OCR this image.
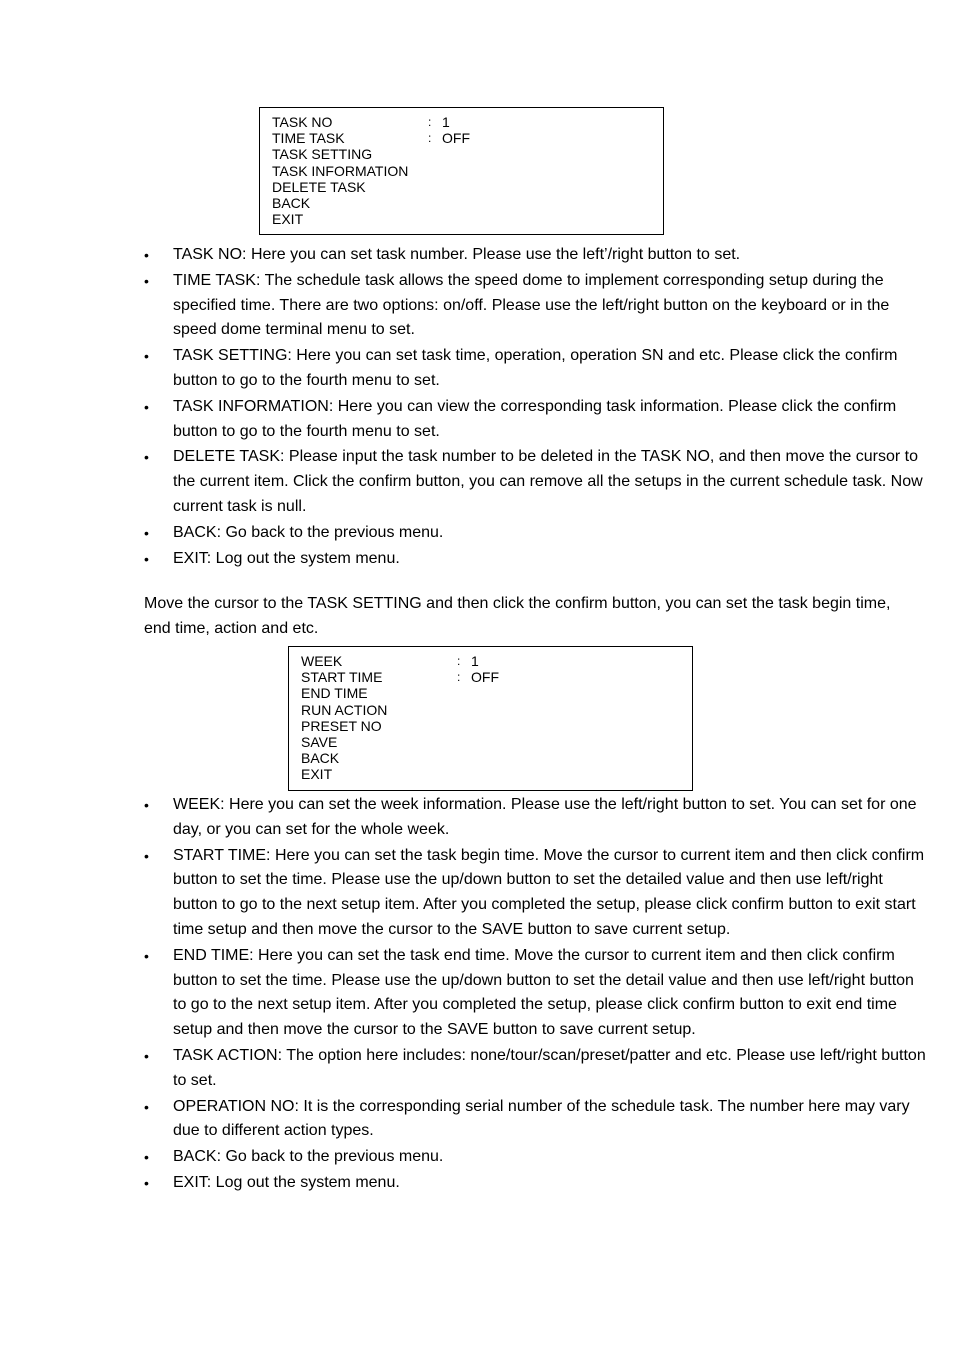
TASK NO	: 1
TIME TASK	: OFF
TASK SETTING
TASK INFORMATION
DELETE TASK
BACK
EXIT
• TASK NO: Here you can set task number. Please use the left’/right button to set.
• TIME TASK: The schedule task allows the speed dome to implement corresponding setup during the specified time. There are two options: on/off. Please use the left/right button on the keyboard or in the speed dome terminal menu to set.
• TASK SETTING: Here you can set task time, operation, operation SN and etc. Please click the confirm button to go to the fourth menu to set.
• TASK INFORMATION: Here you can view the corresponding task information. Please click the confirm button to go to the fourth menu to set.
• DELETE TASK: Please input the task number to be deleted in the TASK NO, and then move the cursor to the current item. Click the confirm button, you can remove all the setups in the current schedule task. Now current task is null.
• BACK: Go back to the previous menu.
• EXIT: Log out the system menu.

Move the cursor to the TASK SETTING and then click the confirm button, you can set the task begin time, end time, action and etc.

WEEK	: 1
START TIME	: OFF
END TIME
RUN ACTION
PRESET NO
SAVE
BACK
EXIT
• WEEK: Here you can set the week information. Please use the left/right button to set. You can set for one day, or you can set for the whole week.
• START TIME: Here you can set the task begin time. Move the cursor to current item and then click confirm button to set the time. Please use the up/down button to set the detailed value and then use left/right button to go to the next setup item. After you completed the setup, please click confirm button to exit start time setup and then move the cursor to the SAVE button to save current setup.
• END TIME: Here you can set the task end time. Move the cursor to current item and then click confirm button to set the time. Please use the up/down button to set the detail value and then use left/right button to go to the next setup item. After you completed the setup, please click confirm button to exit end time setup and then move the cursor to the SAVE button to save current setup.
• TASK ACTION: The option here includes: none/tour/scan/preset/patter and etc. Please use left/right button to set.
• OPERATION NO: It is the corresponding serial number of the schedule task. The number here may vary due to different action types.
• BACK: Go back to the previous menu.
• EXIT: Log out the system menu.
